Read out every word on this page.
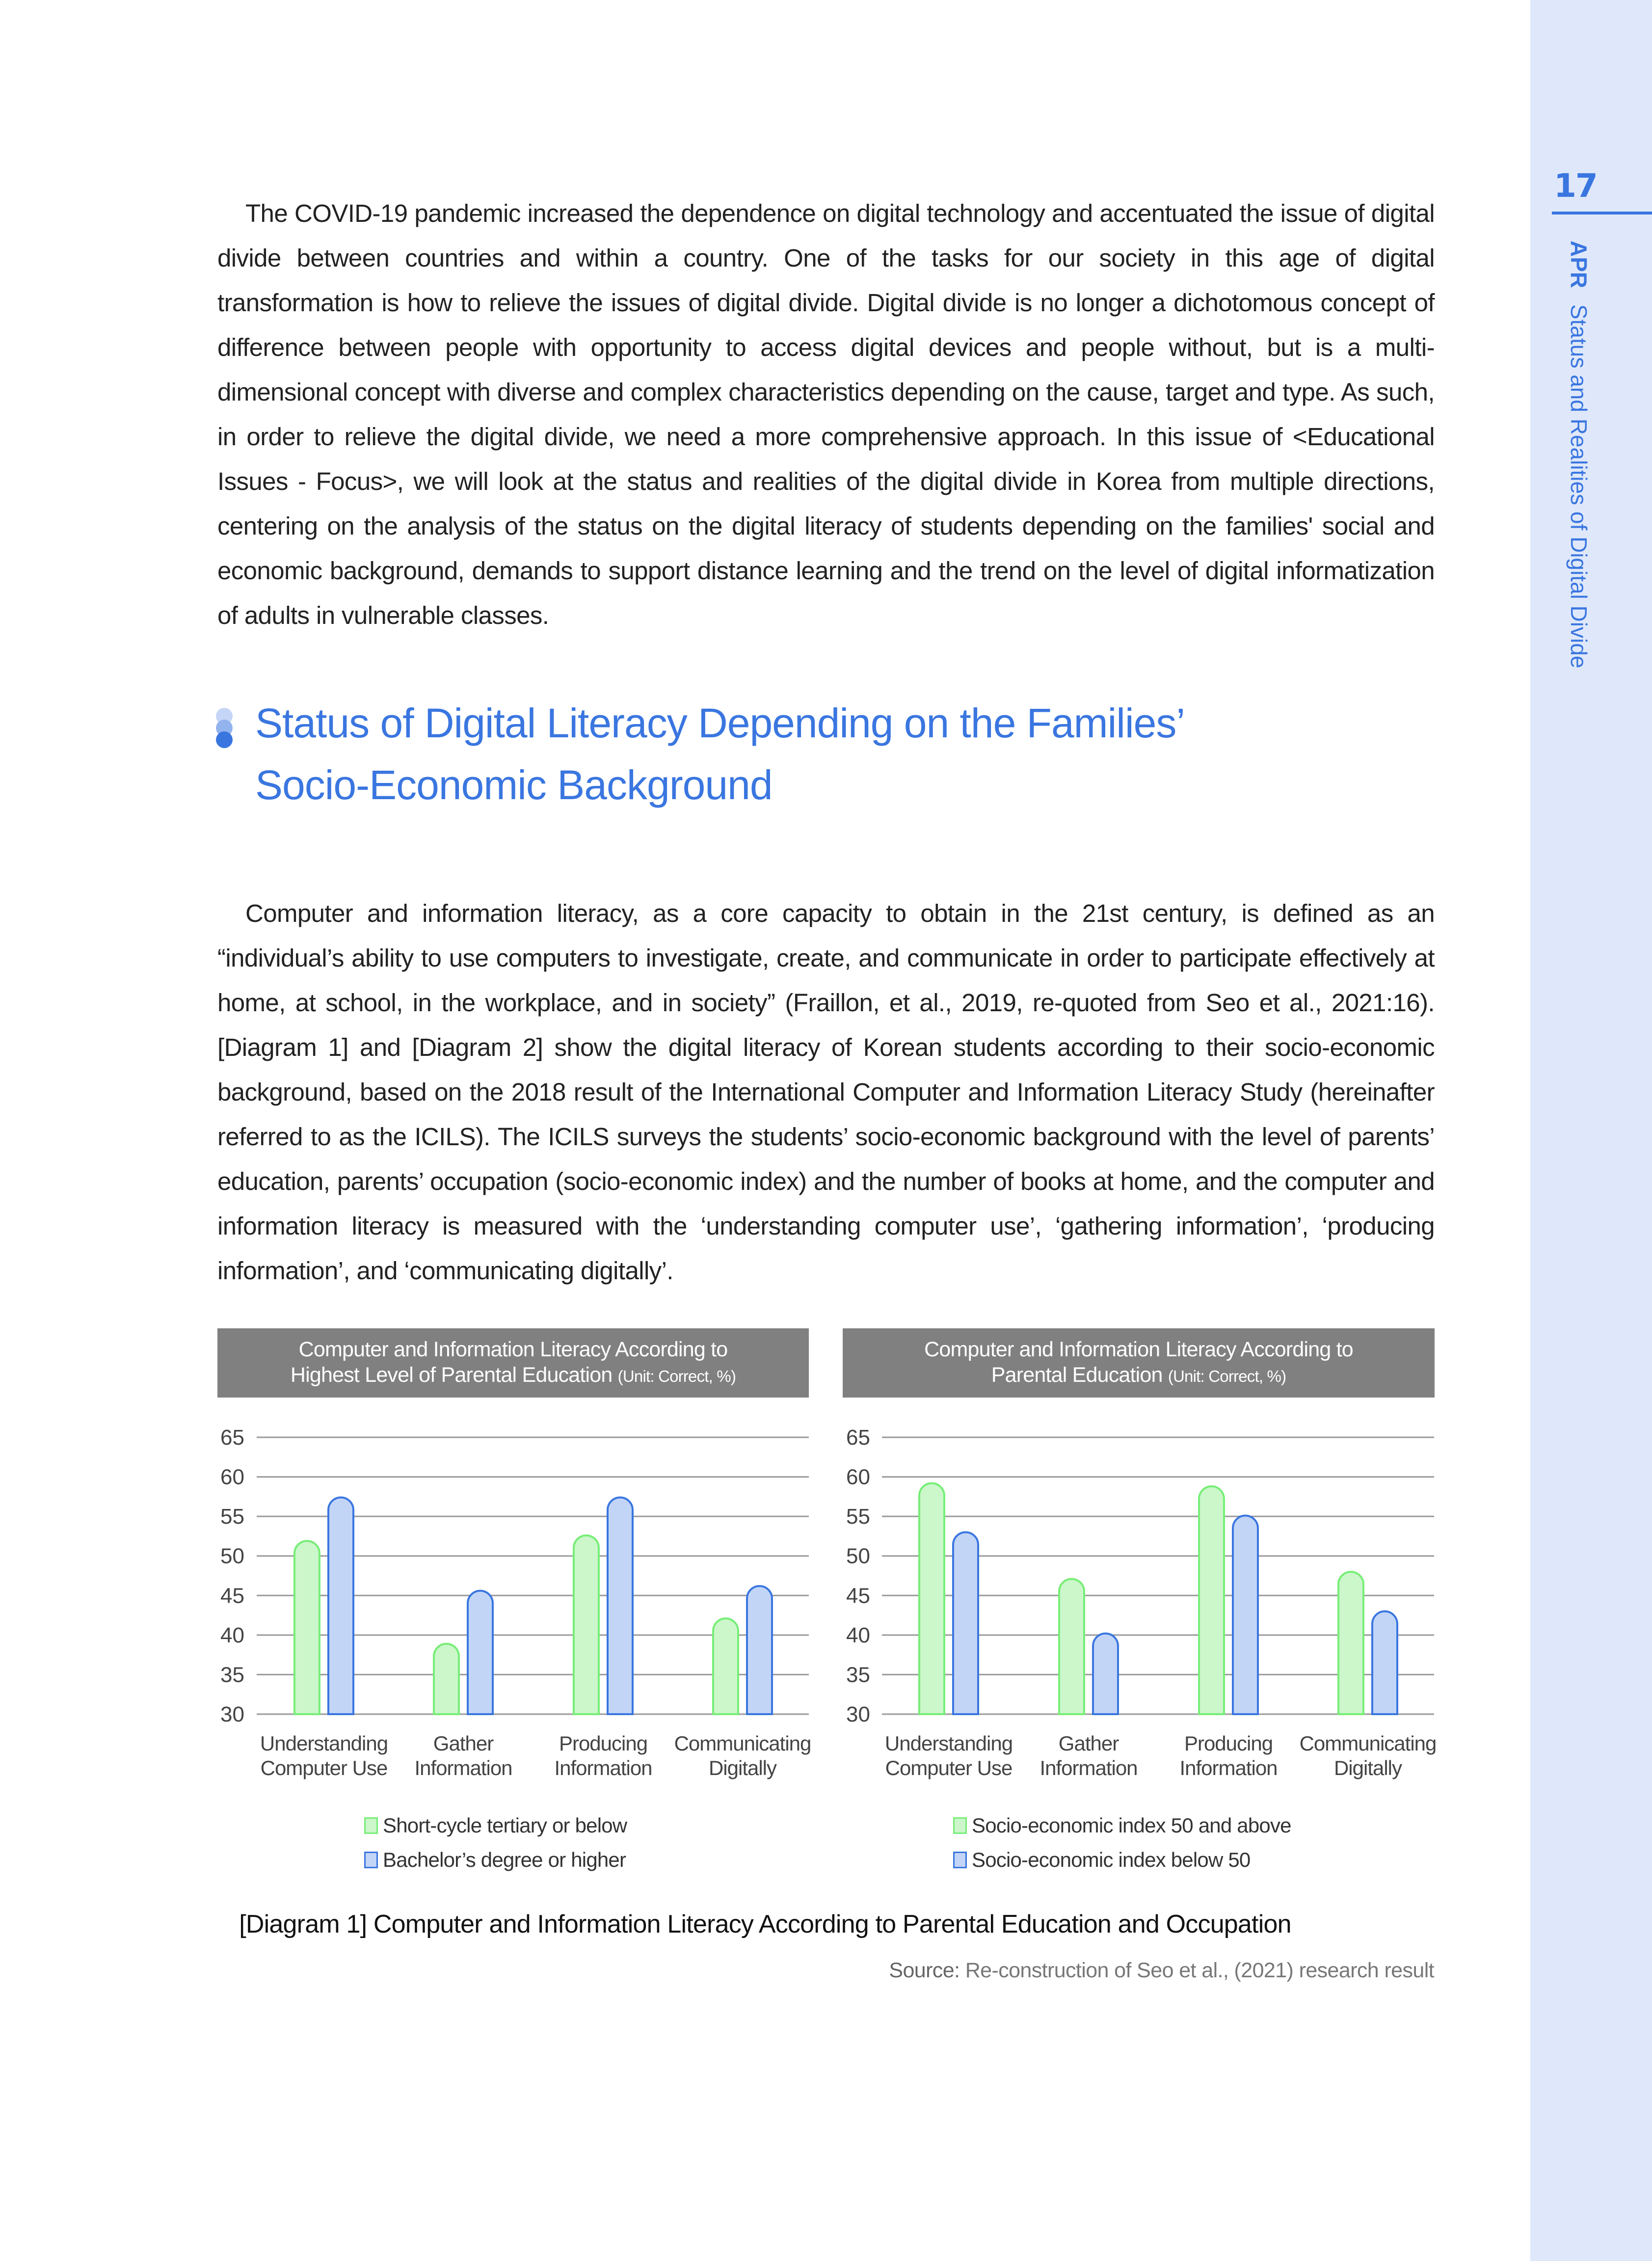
17
APR Status and Realities of Digital Divide

The COVID-19 pandemic increased the dependence on digital technology and accentuated the issue of digital divide between countries and within a country. One of the tasks for our society in this age of digital transformation is how to relieve the issues of digital divide. Digital divide is no longer a dichotomous concept of difference between people with opportunity to access digital devices and people without, but is a multi-dimensional concept with diverse and complex characteristics depending on the cause, target and type. As such, in order to relieve the digital divide, we need a more comprehensive approach. In this issue of <Educational Issues - Focus>, we will look at the status and realities of the digital divide in Korea from multiple directions, centering on the analysis of the status on the digital literacy of students depending on the families' social and economic background, demands to support distance learning and the trend on the level of digital informatization of adults in vulnerable classes.

Status of Digital Literacy Depending on the Families’
Socio-Economic Background

Computer and information literacy, as a core capacity to obtain in the 21st century, is defined as an “individual’s ability to use computers to investigate, create, and communicate in order to participate effectively at home, at school, in the workplace, and in society” (Fraillon, et al., 2019, re-quoted from Seo et al., 2021:16). [Diagram 1] and [Diagram 2] show the digital literacy of Korean students according to their socio-economic background, based on the 2018 result of the International Computer and Information Literacy Study (hereinafter referred to as the ICILS). The ICILS surveys the students’ socio-economic background with the level of parents’ education, parents’ occupation (socio-economic index) and the number of books at home, and the computer and information literacy is measured with the ‘understanding computer use’, ‘gathering information’, ‘producing information’, and ‘communicating digitally’.

Computer and Information Literacy According to
Highest Level of Parental Education (Unit: Correct, %)
Computer and Information Literacy According to
Parental Education (Unit: Correct, %)
30
35
40
45
50
55
60
65
Understanding
Computer Use
Gather
Information
Producing
Information
Communicating
Digitally
30
35
40
45
50
55
60
65
Understanding
Computer Use
Gather
Information
Producing
Information
Communicating
Digitally
Short-cycle tertiary or below
Bachelor’s degree or higher
Socio-economic index 50 and above
Socio-economic index below 50
[Diagram 1] Computer and Information Literacy According to Parental Education and Occupation
Source: Re-construction of Seo et al., (2021) research result
